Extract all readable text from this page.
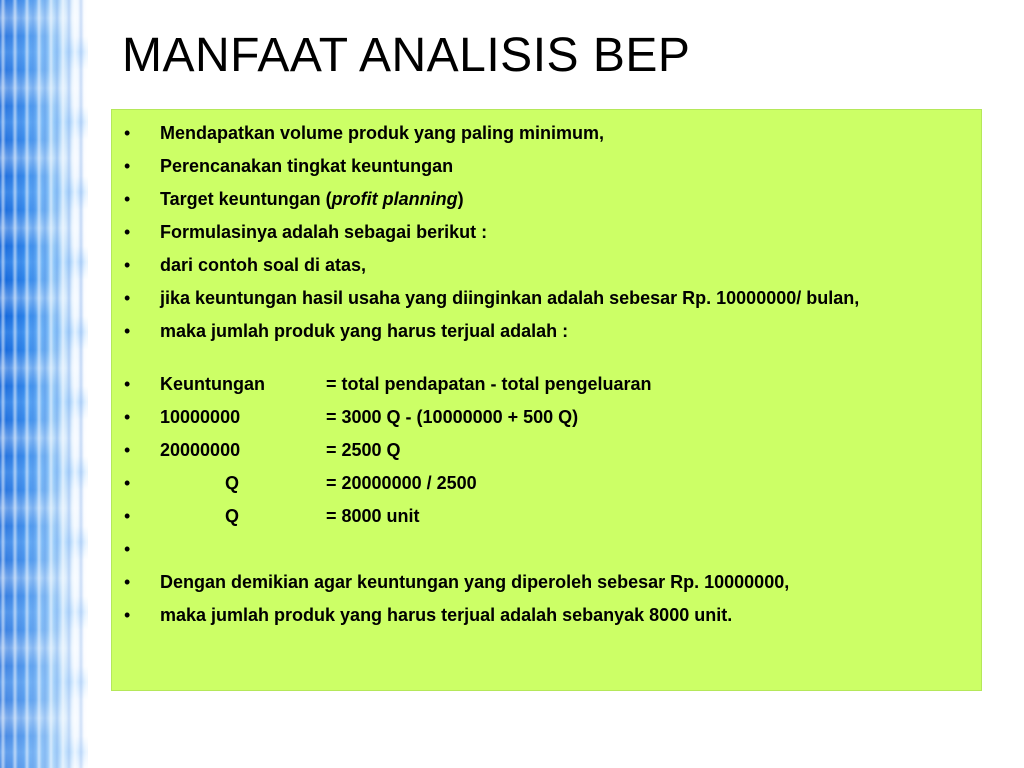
MANFAAT ANALISIS BEP
•	Mendapatkan volume produk yang paling minimum,
•	Perencanakan tingkat keuntungan
•	Target keuntungan (profit planning)
•	Formulasinya adalah sebagai berikut :
•	dari contoh soal di atas,
•	jika keuntungan hasil usaha yang diinginkan adalah sebesar Rp. 10000000/ bulan,
•	maka jumlah produk yang harus terjual adalah :
•	Keuntungan	= total pendapatan - total pengeluaran
•	10000000	= 3000 Q - (10000000 + 500 Q)
•	20000000	= 2500 Q
•	Q	= 20000000 / 2500
•	Q	= 8000 unit
•
•	Dengan demikian agar keuntungan yang diperoleh sebesar Rp. 10000000,
•	maka jumlah produk yang harus terjual adalah sebanyak 8000 unit.
